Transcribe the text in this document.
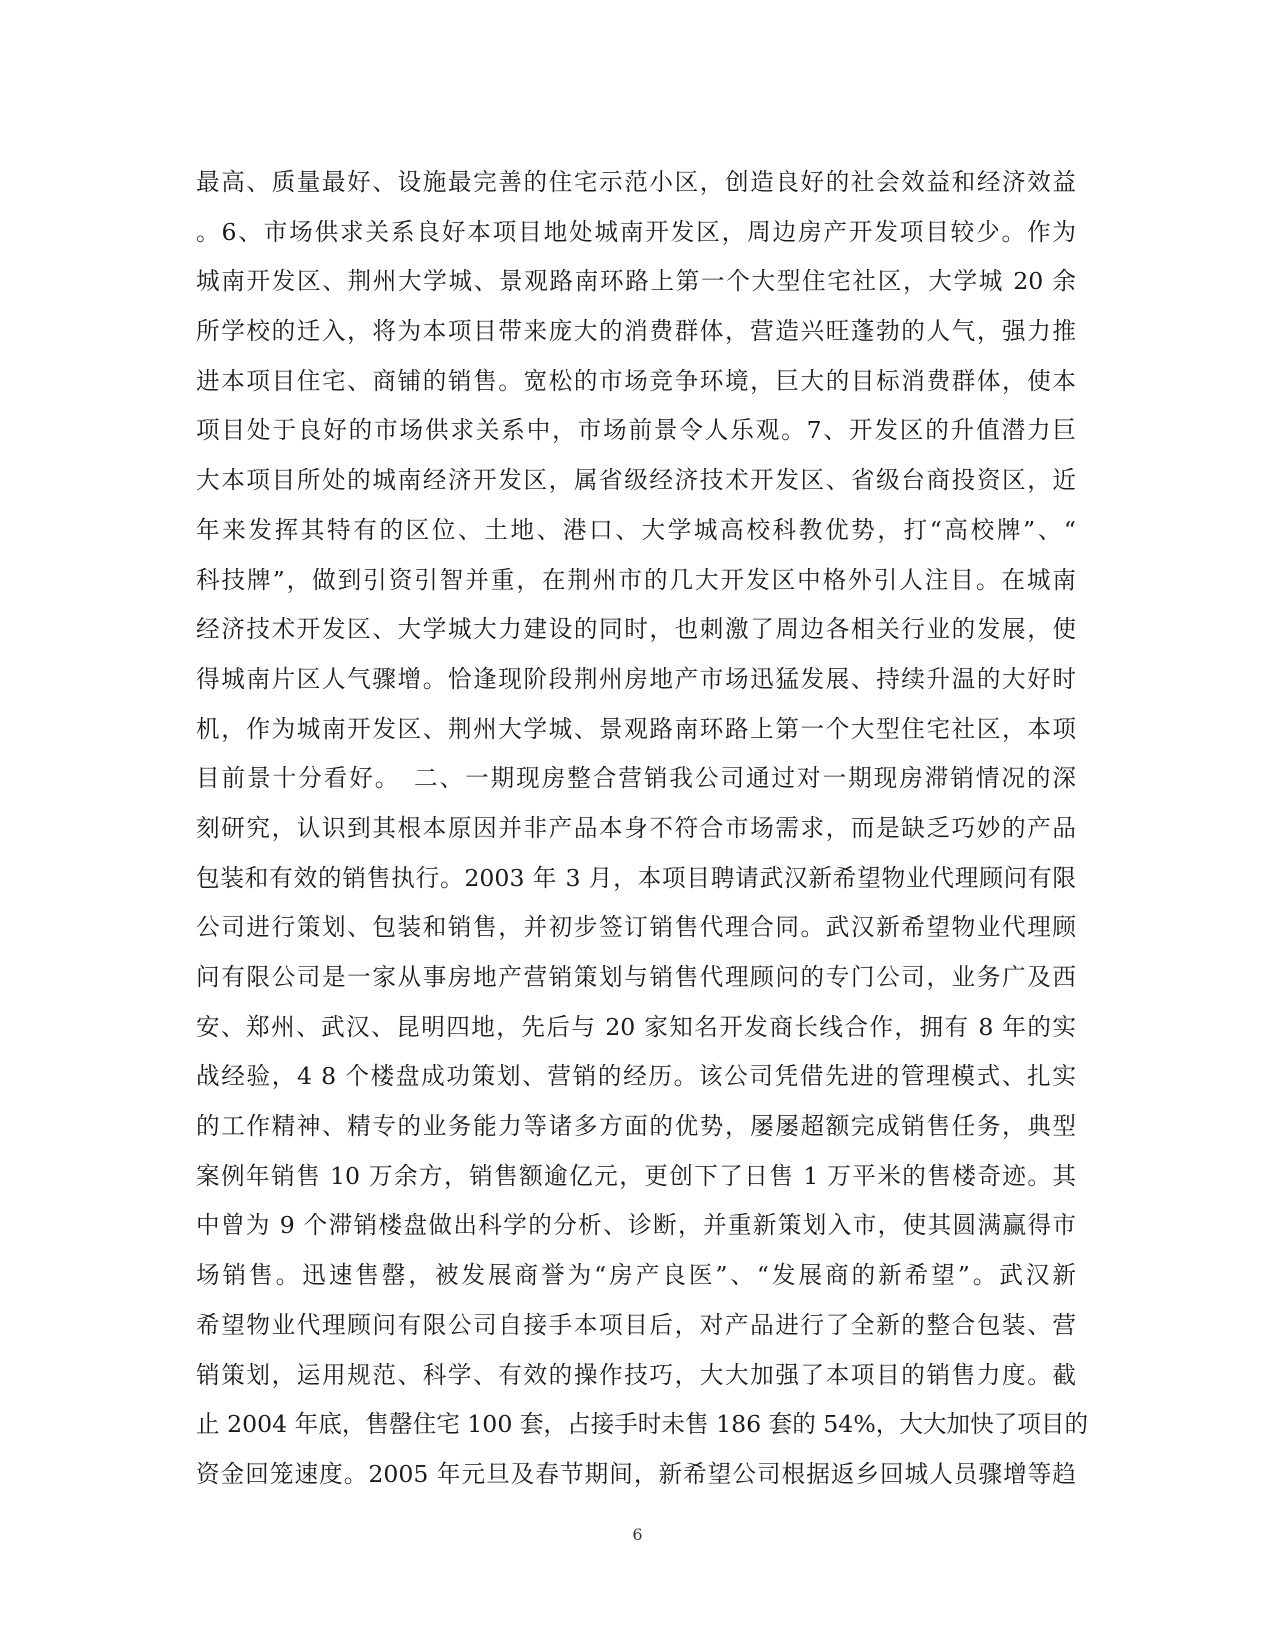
最高、质量最好、设施最完善的住宅示范小区，创造良好的社会效益和经济效益
。6、市场供求关系良好本项目地处城南开发区，周边房产开发项目较少。作为
城南开发区、荆州大学城、景观路南环路上第一个大型住宅社区，大学城 20 余
所学校的迁入，将为本项目带来庞大的消费群体，营造兴旺蓬勃的人气，强力推
进本项目住宅、商铺的销售。宽松的市场竞争环境，巨大的目标消费群体，使本
项目处于良好的市场供求关系中，市场前景令人乐观。7、开发区的升值潜力巨
大本项目所处的城南经济开发区，属省级经济技术开发区、省级台商投资区，近
年来发挥其特有的区位、土地、港口、大学城高校科教优势，打“高校牌”、“
科技牌”，做到引资引智并重，在荆州市的几大开发区中格外引人注目。在城南
经济技术开发区、大学城大力建设的同时，也刺激了周边各相关行业的发展，使
得城南片区人气骤增。恰逢现阶段荆州房地产市场迅猛发展、持续升温的大好时
机，作为城南开发区、荆州大学城、景观路南环路上第一个大型住宅社区，本项
目前景十分看好。　二、一期现房整合营销我公司通过对一期现房滞销情况的深
刻研究，认识到其根本原因并非产品本身不符合市场需求，而是缺乏巧妙的产品
包装和有效的销售执行。2003 年 3 月，本项目聘请武汉新希望物业代理顾问有限
公司进行策划、包装和销售，并初步签订销售代理合同。武汉新希望物业代理顾
问有限公司是一家从事房地产营销策划与销售代理顾问的专门公司，业务广及西
安、郑州、武汉、昆明四地，先后与 20 家知名开发商长线合作，拥有 8 年的实
战经验，4 8 个楼盘成功策划、营销的经历。该公司凭借先进的管理模式、扎实
的工作精神、精专的业务能力等诸多方面的优势，屡屡超额完成销售任务，典型
案例年销售 10 万余方，销售额逾亿元，更创下了日售 1 万平米的售楼奇迹。其
中曾为 9 个滞销楼盘做出科学的分析、诊断，并重新策划入市，使其圆满赢得市
场销售。迅速售罄，被发展商誉为“房产良医”、“发展商的新希望”。武汉新
希望物业代理顾问有限公司自接手本项目后，对产品进行了全新的整合包装、营
销策划，运用规范、科学、有效的操作技巧，大大加强了本项目的销售力度。截
止 2004 年底，售罄住宅 100 套，占接手时未售 186 套的 54%，大大加快了项目的
资金回笼速度。2005 年元旦及春节期间，新希望公司根据返乡回城人员骤增等趋
6
